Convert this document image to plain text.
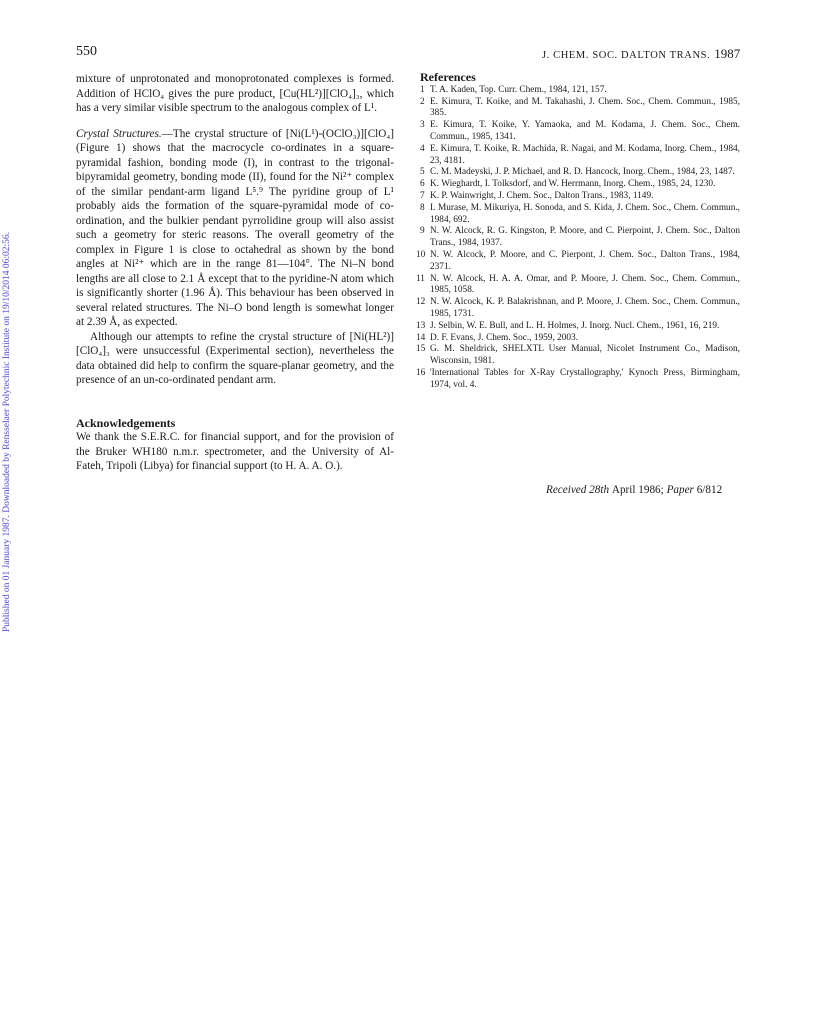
550	J. CHEM. SOC. DALTON TRANS. 1987
Published on 01 January 1987. Downloaded by Rensselaer Polytechnic Institute on 19/10/2014 06:02:56.

mixture of unprotonated and monoprotonated complexes is formed. Addition of HClO₄ gives the pure product, [Cu(HL²)][ClO₄]₃, which has a very similar visible spectrum to the analogous complex of L¹.

Crystal Structures.—The crystal structure of [Ni(L¹)-(OClO₃)][ClO₄] (Figure 1) shows that the macrocycle co-ordinates in a square-pyramidal fashion, bonding mode (I), in contrast to the trigonal-bipyramidal geometry, bonding mode (II), found for the Ni²⁺ complex of the similar pendant-arm ligand L⁵.⁹ The pyridine group of L¹ probably aids the formation of the square-pyramidal mode of co-ordination, and the bulkier pendant pyrrolidine group will also assist such a geometry for steric reasons. The overall geometry of the complex in Figure 1 is close to octahedral as shown by the bond angles at Ni²⁺ which are in the range 81—104°. The Ni–N bond lengths are all close to 2.1 Å except that to the pyridine-N atom which is significantly shorter (1.96 Å). This behaviour has been observed in several related structures. The Ni–O bond length is somewhat longer at 2.39 Å, as expected.

Although our attempts to refine the crystal structure of [Ni(HL²)][ClO₄]₃ were unsuccessful (Experimental section), nevertheless the data obtained did help to confirm the square-planar geometry, and the presence of an un-co-ordinated pendant arm.

Acknowledgements

We thank the S.E.R.C. for financial support, and for the provision of the Bruker WH180 n.m.r. spectrometer, and the University of Al-Fateh, Tripoli (Libya) for financial support (to H. A. A. O.).

References

1 T. A. Kaden, Top. Curr. Chem., 1984, 121, 157.
2 E. Kimura, T. Koike, and M. Takahashi, J. Chem. Soc., Chem. Commun., 1985, 385.
3 E. Kimura, T. Koike, Y. Yamaoka, and M. Kodama, J. Chem. Soc., Chem. Commun., 1985, 1341.
4 E. Kimura, T. Koike, R. Machida, R. Nagai, and M. Kodama, Inorg. Chem., 1984, 23, 4181.
5 C. M. Madeyski, J. P. Michael, and R. D. Hancock, Inorg. Chem., 1984, 23, 1487.
6 K. Wieghardt, I. Tolksdorf, and W. Herrmann, Inorg. Chem., 1985, 24, 1230.
7 K. P. Wainwright, J. Chem. Soc., Dalton Trans., 1983, 1149.
8 I. Murase, M. Mikuriya, H. Sonoda, and S. Kida, J. Chem. Soc., Chem. Commun., 1984, 692.
9 N. W. Alcock, R. G. Kingston, P. Moore, and C. Pierpoint, J. Chem. Soc., Dalton Trans., 1984, 1937.
10 N. W. Alcock, P. Moore, and C. Pierpont, J. Chem. Soc., Dalton Trans., 1984, 2371.
11 N. W. Alcock, H. A. A. Omar, and P. Moore, J. Chem. Soc., Chem. Commun., 1985, 1058.
12 N. W. Alcock, K. P. Balakrishnan, and P. Moore, J. Chem. Soc., Chem. Commun., 1985, 1731.
13 J. Selbin, W. E. Bull, and L. H. Holmes, J. Inorg. Nucl. Chem., 1961, 16, 219.
14 D. F. Evans, J. Chem. Soc., 1959, 2003.
15 G. M. Sheldrick, SHELXTL User Manual, Nicolet Instrument Co., Madison, Wisconsin, 1981.
16 'International Tables for X-Ray Crystallography,' Kynoch Press, Birmingham, 1974, vol. 4.
Received 28th April 1986; Paper 6/812
